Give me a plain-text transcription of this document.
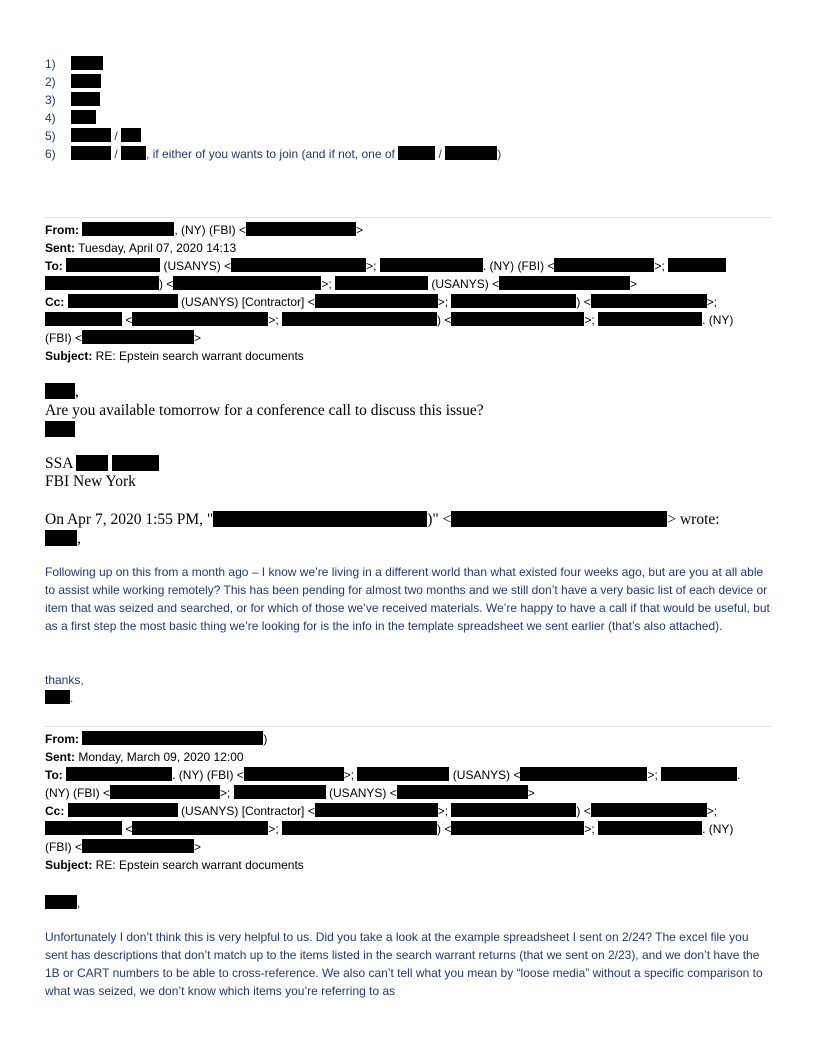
1)
2)
3)
4)
5)	/
6)	/ , if either of you wants to join (and if not, one of	/	)
From:	, (NY) (FBI) <	>
Sent: Tuesday, April 07, 2020 14:13
To:	(USANYS) <	>;	. (NY) (FBI) <	>;
) <	>;	(USANYS) <	>
Cc:	(USANYS) [Contractor] <	>;	) <	>;
<	>;	) <	>;	. (NY)
(FBI) <	>
Subject: RE: Epstein search warrant documents
,
Are you available tomorrow for a conference call to discuss this issue?
SSA
FBI New York
On Apr 7, 2020 1:55 PM, "	)" <	> wrote:
,
Following up on this from a month ago – I know we’re living in a different world than what existed four weeks ago, but are you at all able to assist while working remotely? This has been pending for almost two months and we still don’t have a very basic list of each device or item that was seized and searched, or for which of those we’ve received materials. We’re happy to have a call if that would be useful, but as a first step the most basic thing we’re looking for is the info in the template spreadsheet we sent earlier (that’s also attached).
thanks,
.
From:	)
Sent: Monday, March 09, 2020 12:00
To:	. (NY) (FBI) <	>;	(USANYS) <	>;	.
(NY) (FBI) <	>;	(USANYS) <	>
Cc:	(USANYS) [Contractor] <	>;	) <	>;
<	>;	) <	>;	. (NY)
(FBI) <	>
Subject: RE: Epstein search warrant documents
,
Unfortunately I don’t think this is very helpful to us. Did you take a look at the example spreadsheet I sent on 2/24? The excel file you sent has descriptions that don’t match up to the items listed in the search warrant returns (that we sent on 2/23), and we don’t have the 1B or CART numbers to be able to cross-reference. We also can’t tell what you mean by “loose media” without a specific comparison to what was seized, we don’t know which items you’re referring to as
